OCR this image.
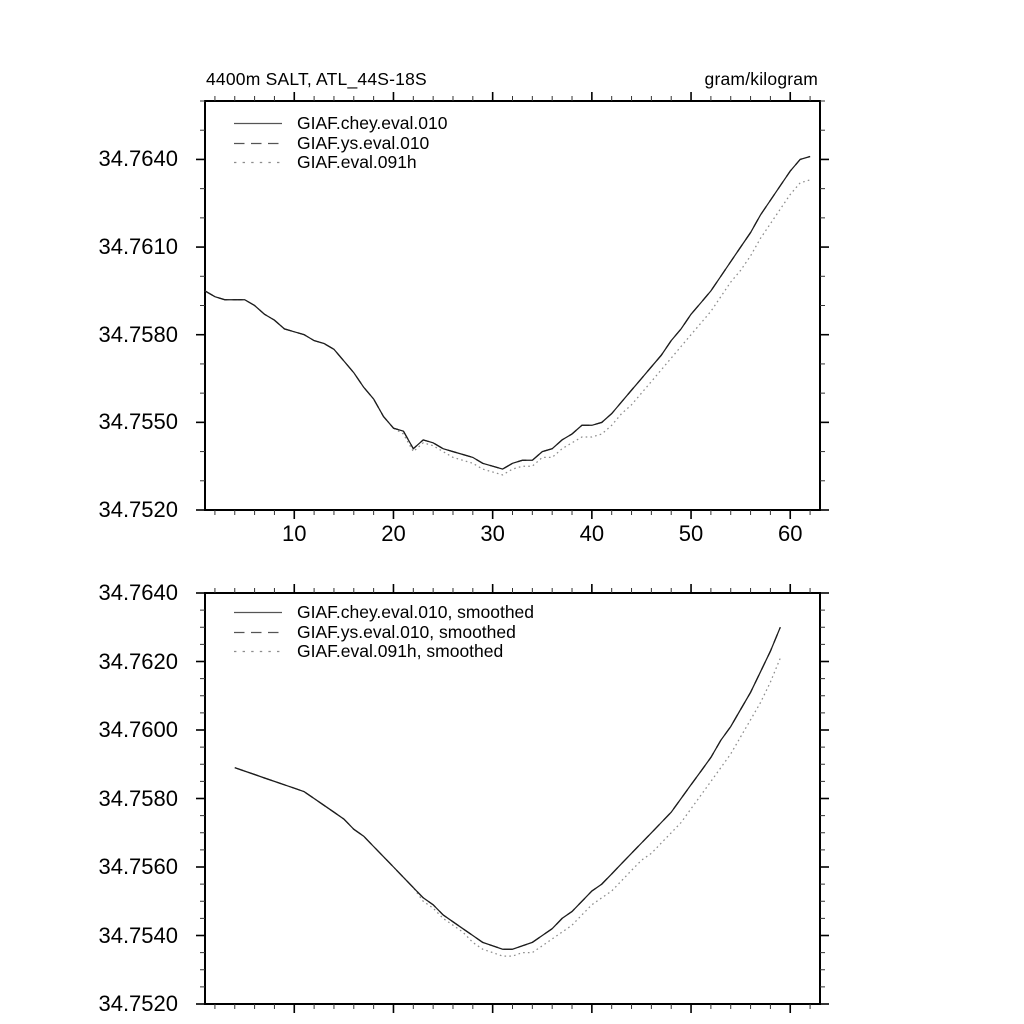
4400m SALT, ATL_44S-18S	gram/kilogram
GIAF.chey.eval.010
GIAF.ys.eval.010
GIAF.eval.091h
GIAF.chey.eval.010, smoothed
GIAF.ys.eval.010, smoothed
GIAF.eval.091h, smoothed
34.7640
34.7610
34.7580
34.7550
34.7520
10	20	30	40	50	60
34.7640
34.7620
34.7600
34.7580
34.7560
34.7540
34.7520
